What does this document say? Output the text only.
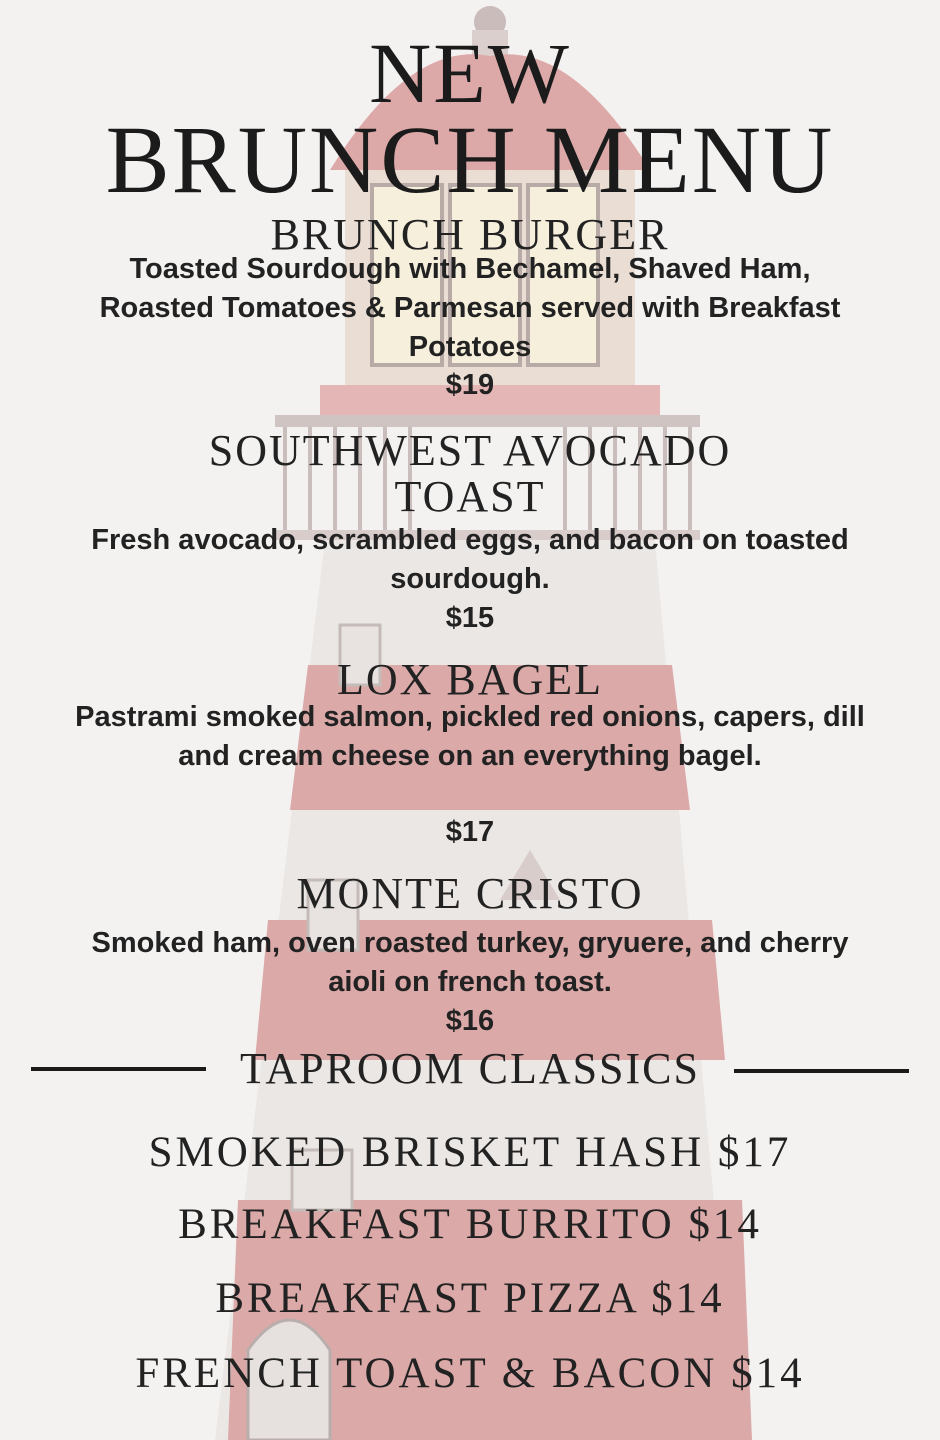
NEW
BRUNCH MENU
BRUNCH BURGER
Toasted Sourdough with Bechamel, Shaved Ham, Roasted Tomatoes & Parmesan served with Breakfast Potatoes
$19
SOUTHWEST AVOCADO
TOAST
Fresh avocado, scrambled eggs, and bacon on toasted sourdough.
$15
LOX BAGEL
Pastrami smoked salmon, pickled red onions, capers, dill and cream cheese on an everything bagel.
$17
MONTE CRISTO
Smoked ham, oven roasted turkey, gryuere, and cherry aioli on french toast.
$16
TAPROOM CLASSICS
SMOKED BRISKET HASH $17
BREAKFAST BURRITO $14
BREAKFAST PIZZA $14
FRENCH TOAST & BACON $14
